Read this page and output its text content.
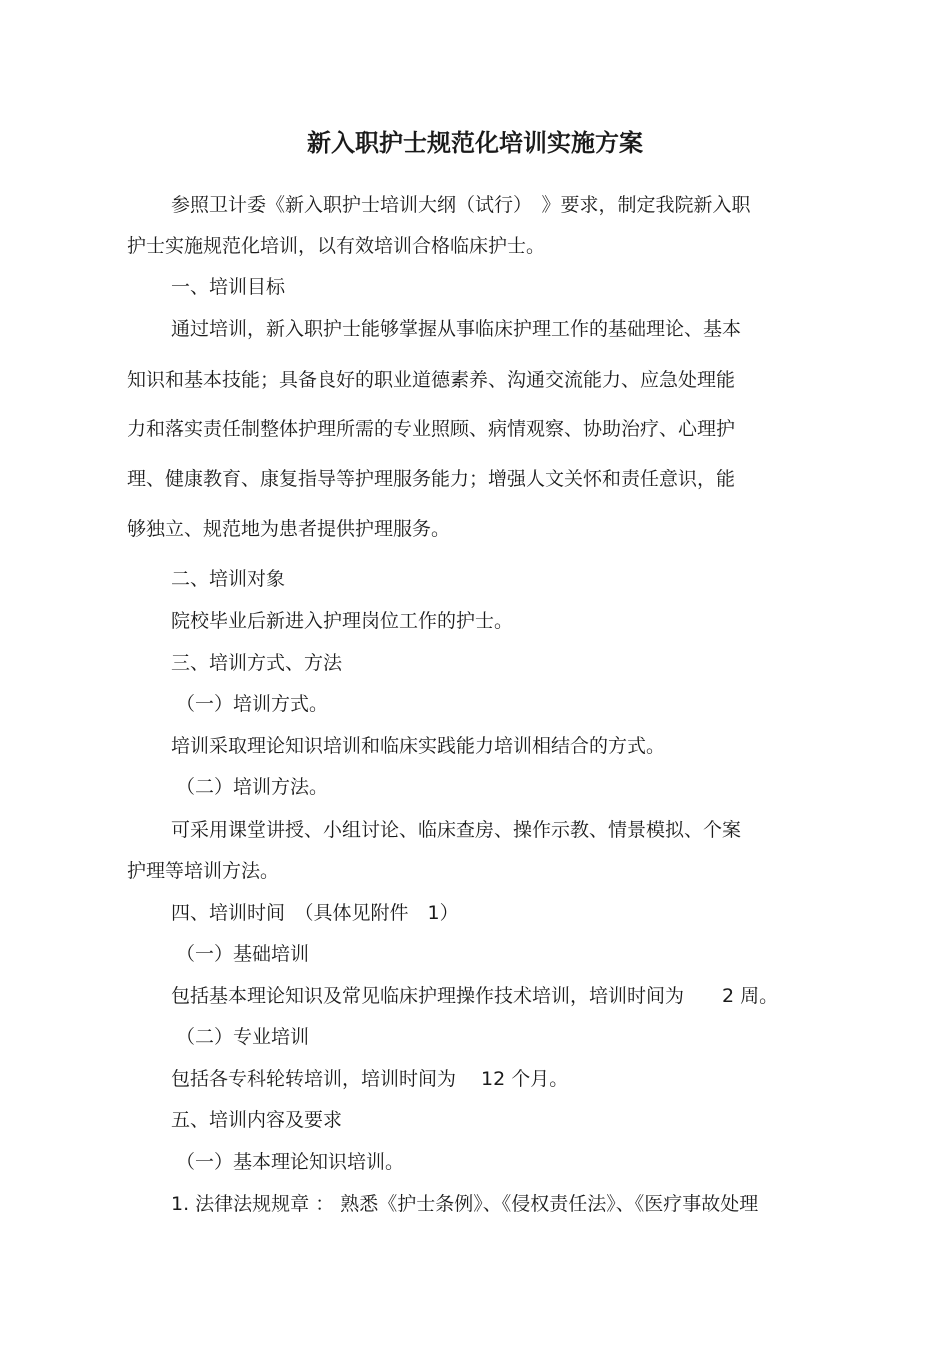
新入职护士规范化培训实施方案

参照卫计委《新入职护士培训大纲（试行）　》要求，制定我院新入职

护士实施规范化培训，以有效培训合格临床护士。

一、培训目标

通过培训，新入职护士能够掌握从事临床护理工作的基础理论、基本

知识和基本技能；具备良好的职业道德素养、沟通交流能力、应急处理能

力和落实责任制整体护理所需的专业照顾、病情观察、协助治疗、心理护

理、健康教育、康复指导等护理服务能力；增强人文关怀和责任意识，能

够独立、规范地为患者提供护理服务。

二、培训对象

院校毕业后新进入护理岗位工作的护士。

三、培训方式、方法

（一）培训方式。

培训采取理论知识培训和临床实践能力培训相结合的方式。

（二）培训方法。

可采用课堂讲授、小组讨论、临床查房、操作示教、情景模拟、个案

护理等培训方法。

四、培训时间　（具体见附件　1）

（一）基础培训

包括基本理论知识及常见临床护理操作技术培训，培训时间为　　2 周。

（二）专业培训

包括各专科轮转培训，培训时间为　 12 个月。

五、培训内容及要求

（一）基本理论知识培训。

1. 法律法规规章 ： 熟悉《护士条例》、《侵权责任法》、《医疗事故处理
